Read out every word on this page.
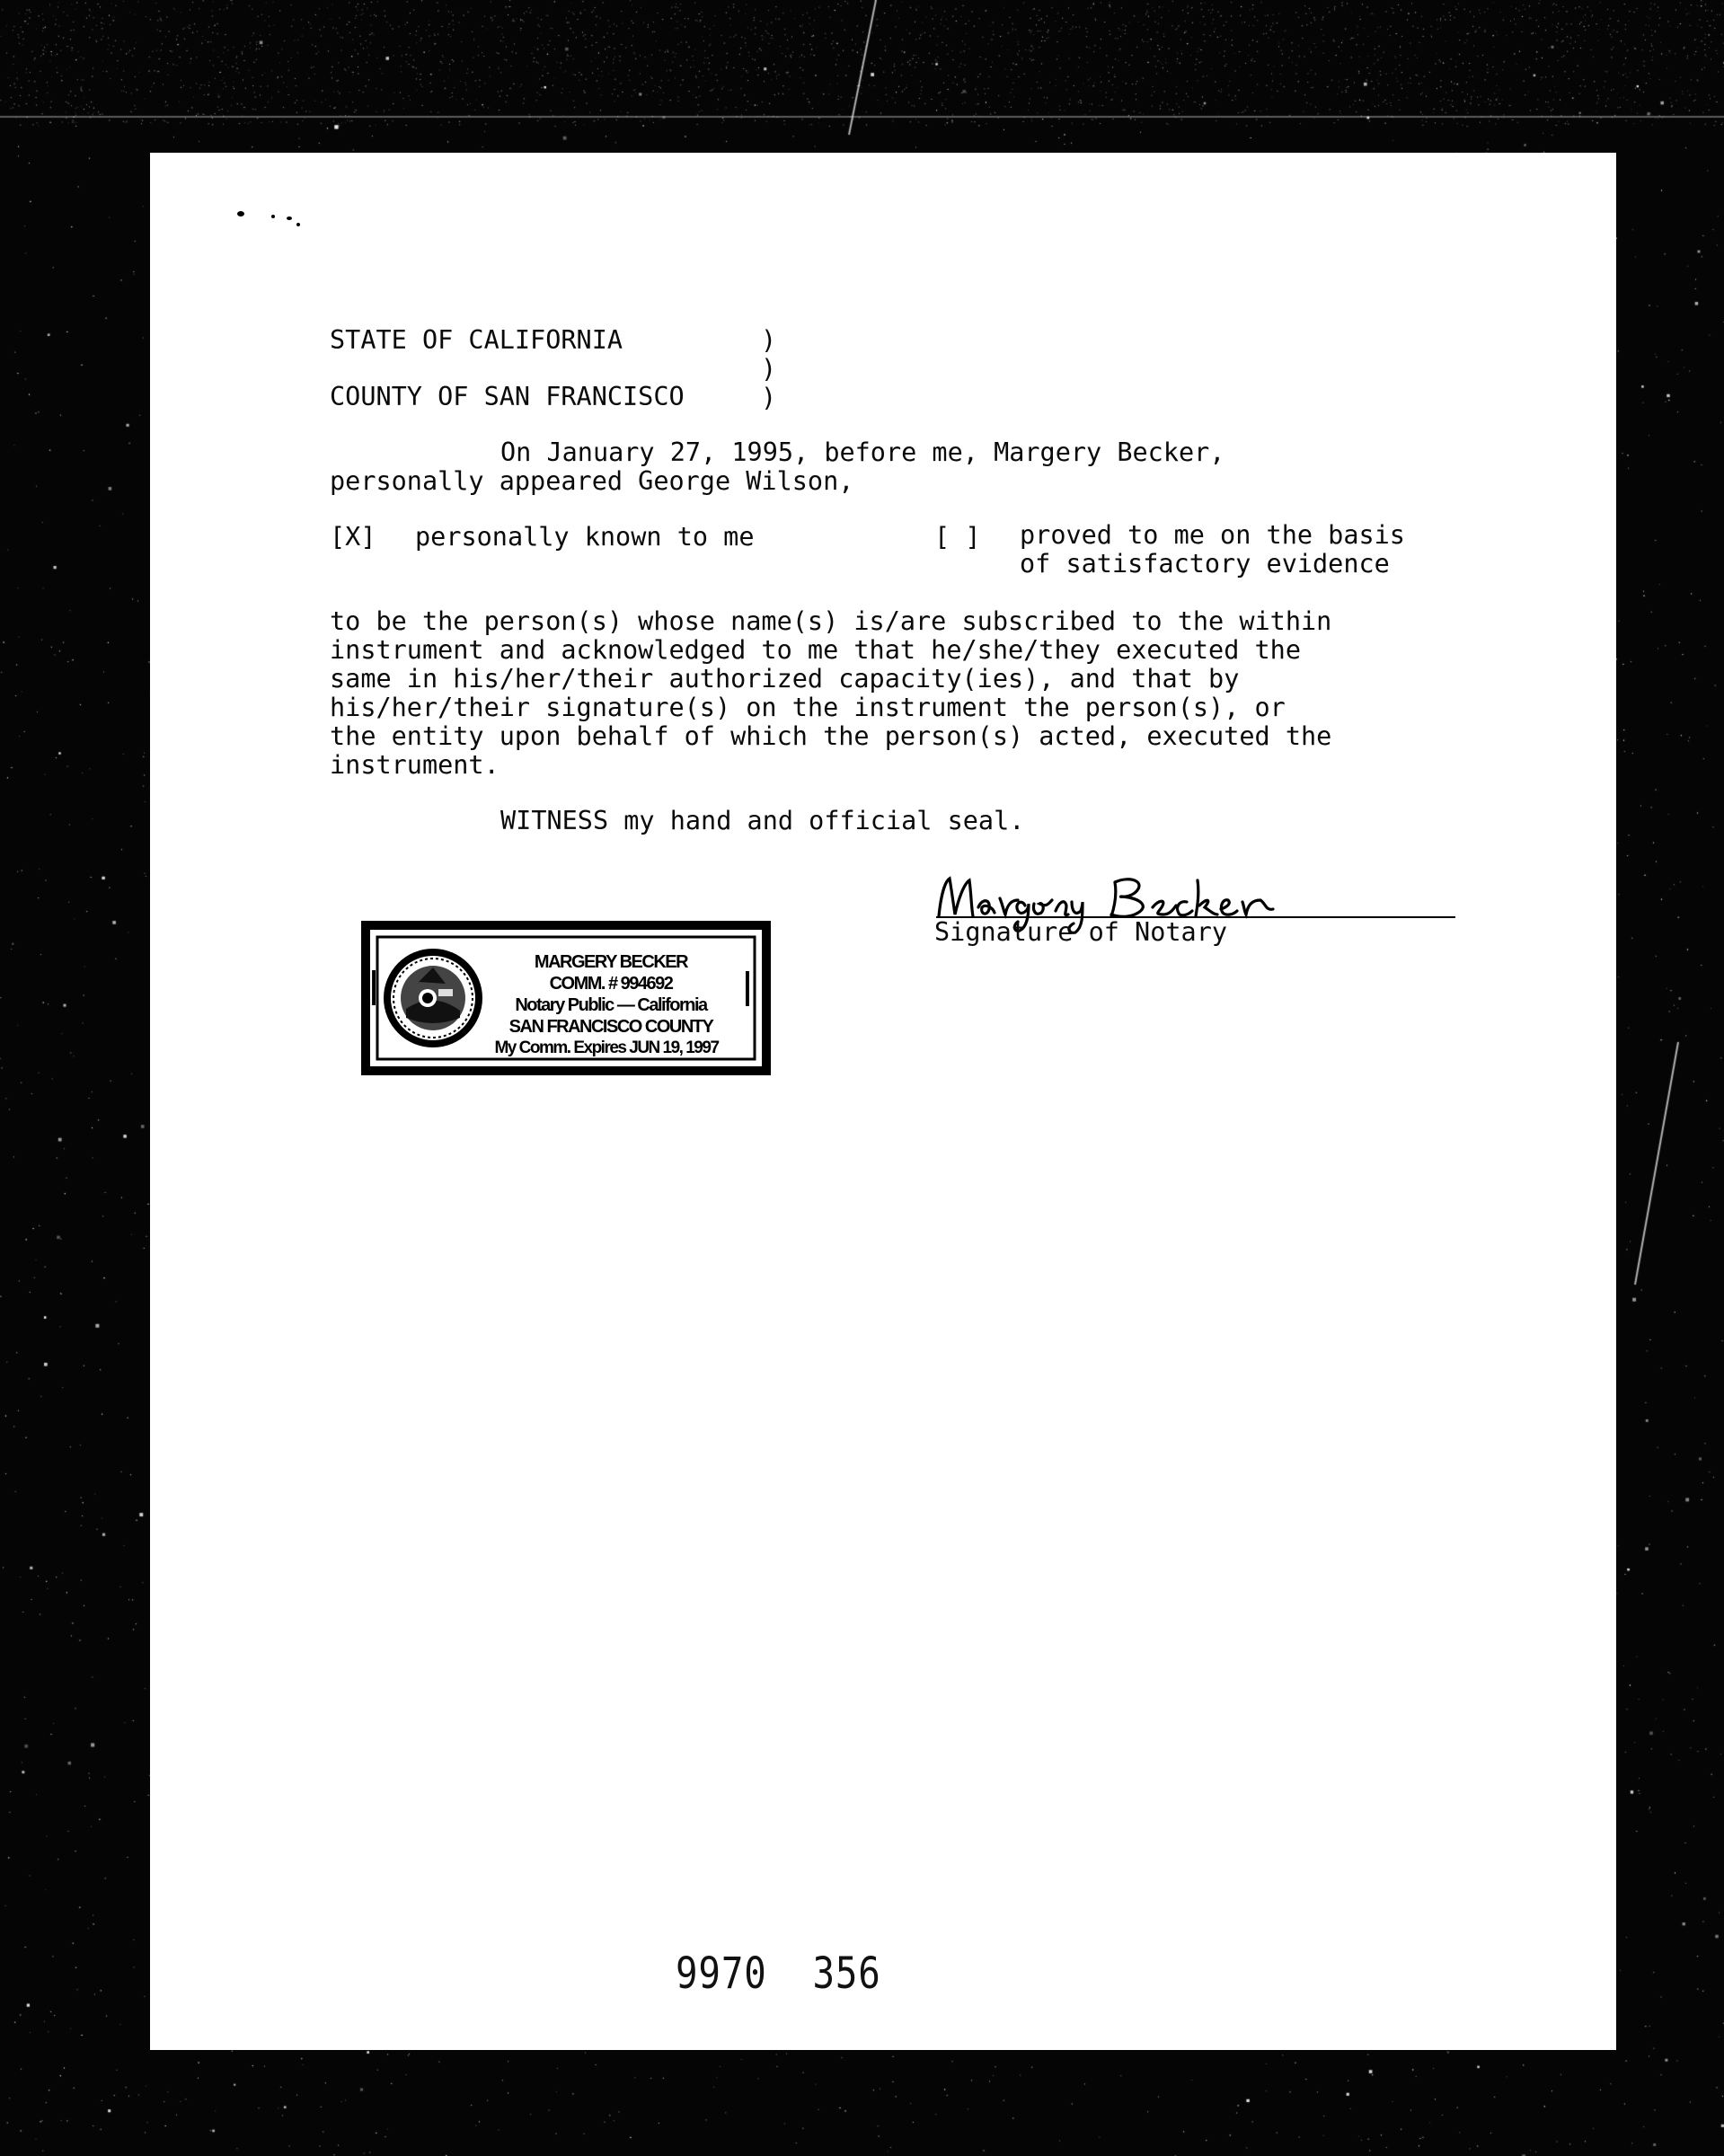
STATE OF CALIFORNIA
COUNTY OF SAN FRANCISCO
)
)
)
On January 27, 1995, before me, Margery Becker,
personally appeared George Wilson,
[X] personally known to me	[ ] proved to me on the basis
of satisfactory evidence
to be the person(s) whose name(s) is/are subscribed to the within
instrument and acknowledged to me that he/she/they executed the
same in his/her/their authorized capacity(ies), and that by
his/her/their signature(s) on the instrument the person(s), or
the entity upon behalf of which the person(s) acted, executed the
instrument.
WITNESS my hand and official seal.
MARGERY BECKER
COMM. # 994692
Notary Public — California
SAN FRANCISCO COUNTY
My Comm. Expires JUN 19, 1997
▬▬▬	▬▬▬
Signature of Notary
9970  356
